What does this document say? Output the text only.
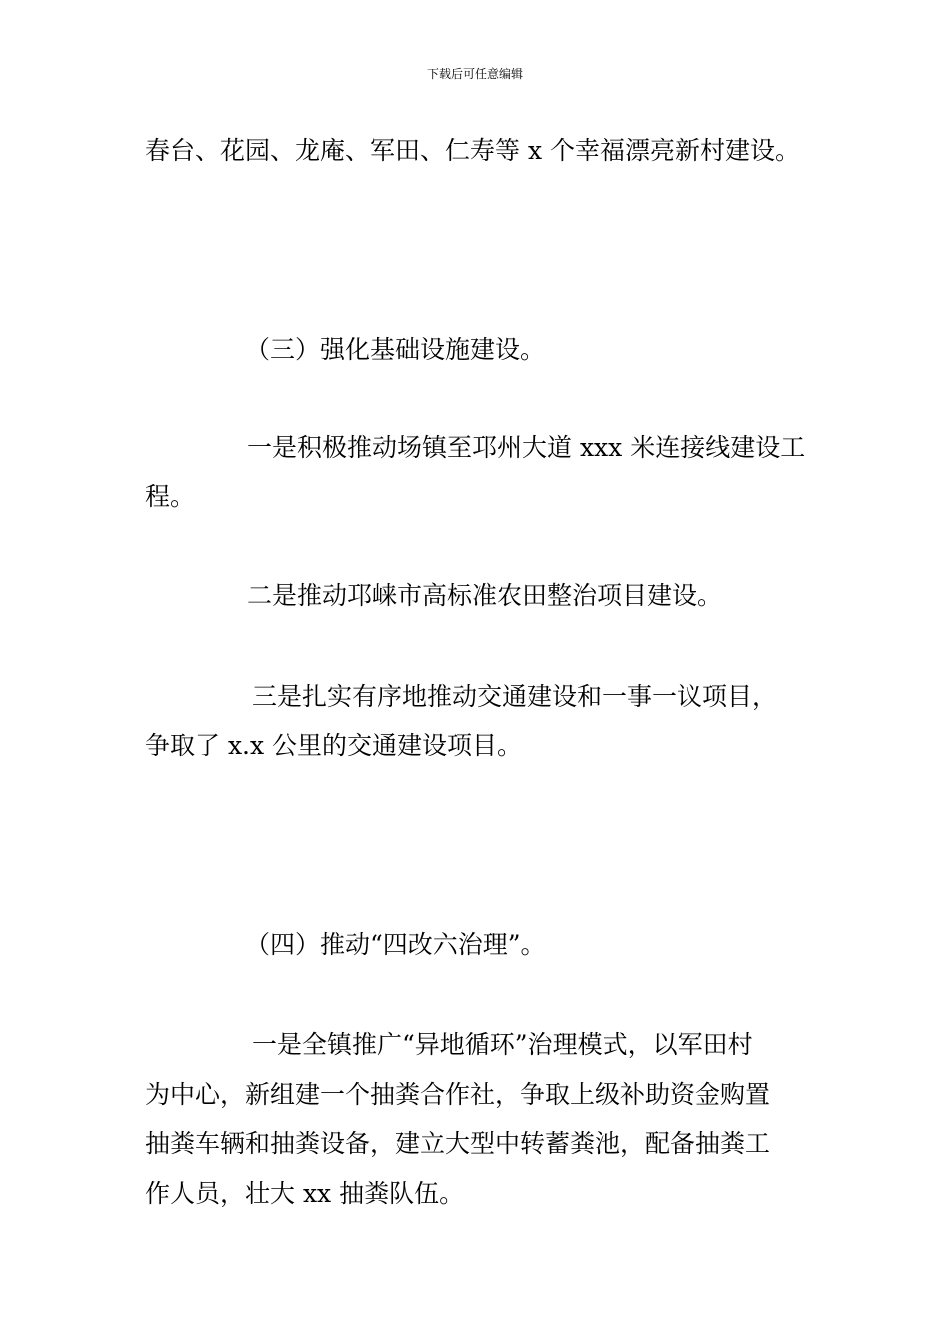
下载后可任意编辑
春台、花园、龙庵、军田、仁寿等 x 个幸福漂亮新村建设。
（三）强化基础设施建设。
一是积极推动场镇至邛州大道 xxx 米连接线建设工
程。
二是推动邛崃市高标准农田整治项目建设。
三是扎实有序地推动交通建设和一事一议项目，
争取了 x.x 公里的交通建设项目。
（四）推动“四改六治理”。
一是全镇推广“异地循环”治理模式，以军田村
为中心，新组建一个抽粪合作社，争取上级补助资金购置
抽粪车辆和抽粪设备，建立大型中转蓄粪池，配备抽粪工
作人员，壮大 xx 抽粪队伍。
